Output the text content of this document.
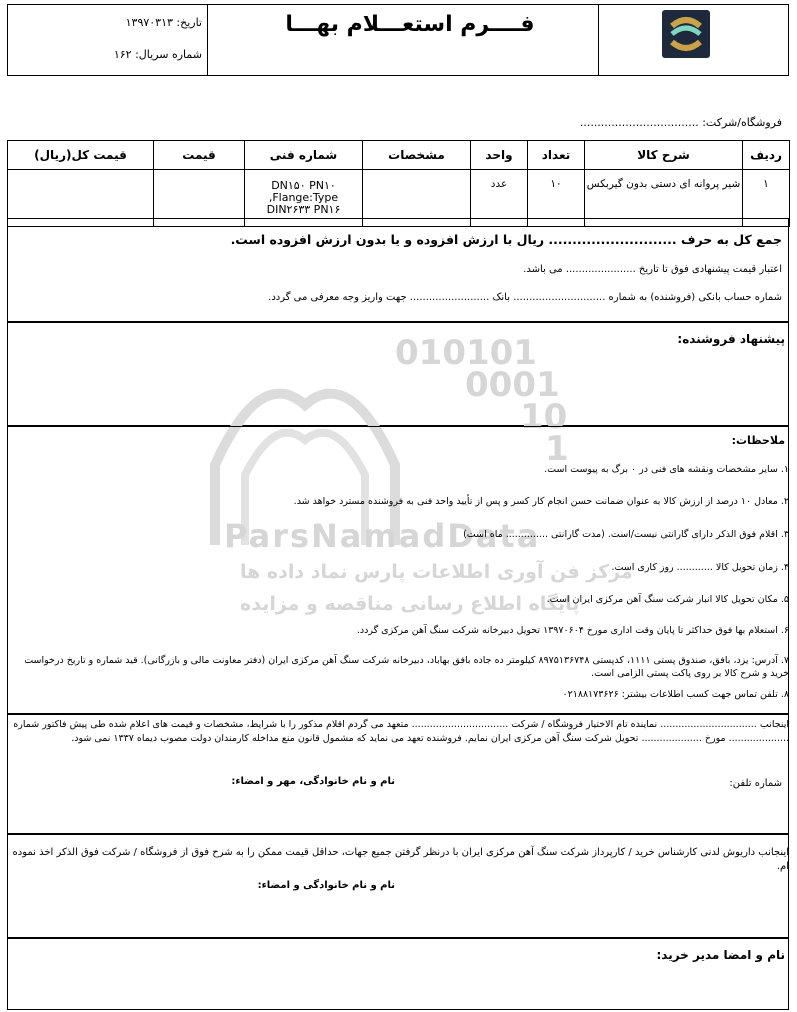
فــــرم استعـــلام بهـــا
تاریخ: ۱۳۹۷۰۳۱۳
شماره سریال: ۱۶۲
فروشگاه/شرکت: ..................................
ردیف	شرح کالا	تعداد	واحد	مشخصات	شماره فنی	قیمت	قیمت کل(ریال)
۱	شیر پروانه ای دستی بدون گیربکس	۱۰	عدد		DN۱۵۰ PN۱۰
,Flange:Type
DIN۲۶۳۳ PN۱۶		

جمع کل به حرف ........................... ریال با ارزش افزوده و یا بدون ارزش افزوده است.
اعتبار قیمت پیشنهادی فوق تا تاریخ ...................... می باشد.
شماره حساب بانکی (فروشنده) به شماره ............................. بانک ......................... جهت واریز وجه معرفی می گردد.
پیشنهاد فروشنده:
010101
0001
10
1
ParsNamadData
مرکز فن آوری اطلاعات پارس نماد داده ها
پایگاه اطلاع رسانی مناقصه و مزایده
ملاحظات:
۱. سایر مشخصات ونقشه های فنی در ۰ برگ به پیوست است.
۲. معادل ۱۰ درصد از ارزش کالا به عنوان ضمانت حسن انجام کار کسر و پس از تأیید واحد فنی به فروشنده مسترد خواهد شد.
۳. اقلام فوق الذکر دارای گارانتی نیست/است. (مدت گارانتی .............. ماه است)
۴. زمان تحویل کالا ............ روز کاری است.
۵. مکان تحویل کالا انبار شرکت سنگ آهن مرکزی ایران است.
۶. استعلام بها فوق حداکثر تا پایان وقت اداری مورخ ۱۳۹۷۰۶۰۴ تحویل دبیرخانه شرکت سنگ آهن مرکزی گردد.
۷. آدرس: یزد، بافق، صندوق پستی ۱۱۱۱، کدپستی ۸۹۷۵۱۳۶۷۴۸ کیلومتر ده جاده بافق بهاباد، دبیرخانه شرکت سنگ آهن مرکزی ایران (دفتر معاونت مالی و بازرگانی). قید شماره و تاریخ درخواست خرید و شرح کالا بر روی پاکت پستی الزامی است.
۸. تلفن تماس جهت کسب اطلاعات بیشتر: ۰۲۱۸۸۱۷۳۶۲۶
اینجانب ................................ نماینده تام الاختیار فروشگاه / شرکت ................................ متعهد می گردم اقلام مذکور را با شرایط، مشخصات و قیمت های اعلام شده طی پیش فاکتور شماره .................... مورخ .................... تحویل شرکت سنگ آهن مرکزی ایران نمایم. فروشنده تعهد می نماید که مشمول قانون منع مداخله کارمندان دولت مصوب دیماه ۱۳۳۷ نمی شود.
شماره تلفن:
نام و نام خانوادگی، مهر و امضاء:
اینجانب داریوش لدنی کارشناس خرید / کارپرداز شرکت سنگ آهن مرکزی ایران با درنظر گرفتن جمیع جهات، حداقل قیمت ممکن را به شرح فوق از فروشگاه / شرکت فوق الذکر اخذ نموده ام.
نام و نام خانوادگی و امضاء:
نام و امضا مدیر خرید:
